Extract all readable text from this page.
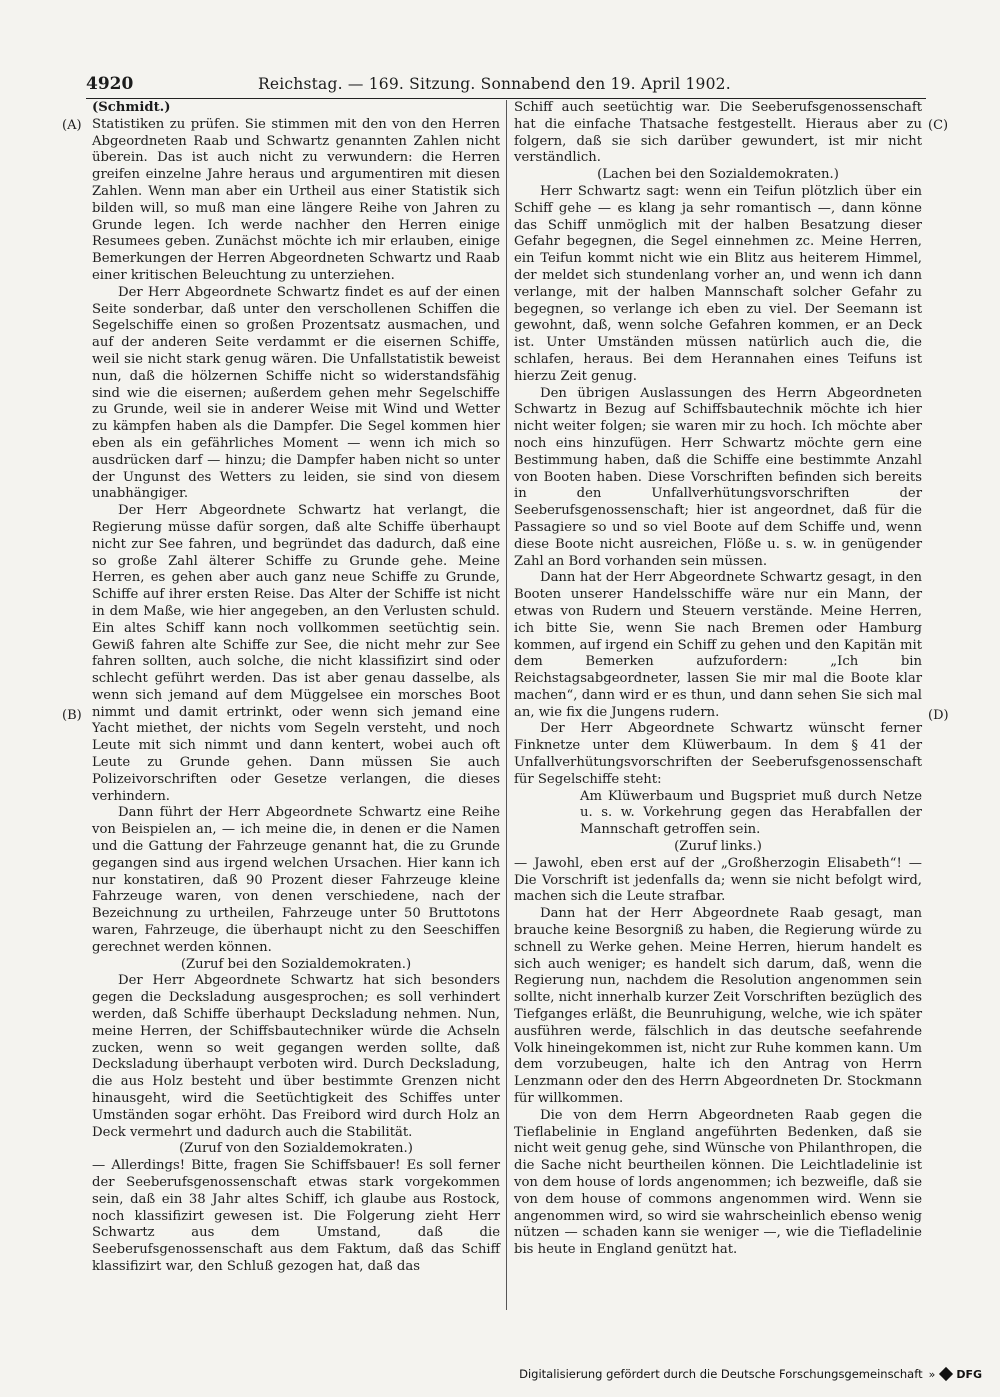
4920	Reichstag. — 169. Sitzung. Sonnabend den 19. April 1902.
(A)
(B)
(C)
(D)

(Schmidt.)

Statistiken zu prüfen. Sie stimmen mit den von den Herren Abgeordneten Raab und Schwartz genannten Zahlen nicht überein. Das ist auch nicht zu verwundern: die Herren greifen einzelne Jahre heraus und argumentiren mit diesen Zahlen. Wenn man aber ein Urtheil aus einer Statistik sich bilden will, so muß man eine längere Reihe von Jahren zu Grunde legen. Ich werde nachher den Herren einige Resumees geben. Zunächst möchte ich mir erlauben, einige Bemerkungen der Herren Abgeordneten Schwartz und Raab einer kritischen Beleuchtung zu unterziehen.

Der Herr Abgeordnete Schwartz findet es auf der einen Seite sonderbar, daß unter den verschollenen Schiffen die Segelschiffe einen so großen Prozentsatz ausmachen, und auf der anderen Seite verdammt er die eisernen Schiffe, weil sie nicht stark genug wären. Die Unfallstatistik beweist nun, daß die hölzernen Schiffe nicht so widerstandsfähig sind wie die eisernen; außerdem gehen mehr Segelschiffe zu Grunde, weil sie in anderer Weise mit Wind und Wetter zu kämpfen haben als die Dampfer. Die Segel kommen hier eben als ein gefährliches Moment — wenn ich mich so ausdrücken darf — hinzu; die Dampfer haben nicht so unter der Ungunst des Wetters zu leiden, sie sind von diesem unabhängiger.

Der Herr Abgeordnete Schwartz hat verlangt, die Regierung müsse dafür sorgen, daß alte Schiffe überhaupt nicht zur See fahren, und begründet das dadurch, daß eine so große Zahl älterer Schiffe zu Grunde gehe. Meine Herren, es gehen aber auch ganz neue Schiffe zu Grunde, Schiffe auf ihrer ersten Reise. Das Alter der Schiffe ist nicht in dem Maße, wie hier angegeben, an den Verlusten schuld. Ein altes Schiff kann noch vollkommen seetüchtig sein. Gewiß fahren alte Schiffe zur See, die nicht mehr zur See fahren sollten, auch solche, die nicht klassifizirt sind oder schlecht geführt werden. Das ist aber genau dasselbe, als wenn sich jemand auf dem Müggelsee ein morsches Boot nimmt und damit ertrinkt, oder wenn sich jemand eine Yacht miethet, der nichts vom Segeln versteht, und noch Leute mit sich nimmt und dann kentert, wobei auch oft Leute zu Grunde gehen. Dann müssen Sie auch Polizeivorschriften oder Gesetze verlangen, die dieses verhindern.

Dann führt der Herr Abgeordnete Schwartz eine Reihe von Beispielen an, — ich meine die, in denen er die Namen und die Gattung der Fahrzeuge genannt hat, die zu Grunde gegangen sind aus irgend welchen Ursachen. Hier kann ich nur konstatiren, daß 90 Prozent dieser Fahrzeuge kleine Fahrzeuge waren, von denen verschiedene, nach der Bezeichnung zu urtheilen, Fahrzeuge unter 50 Bruttotons waren, Fahrzeuge, die überhaupt nicht zu den Seeschiffen gerechnet werden können.

(Zuruf bei den Sozialdemokraten.)

Der Herr Abgeordnete Schwartz hat sich besonders gegen die Decksladung ausgesprochen; es soll verhindert werden, daß Schiffe überhaupt Decksladung nehmen. Nun, meine Herren, der Schiffsbautechniker würde die Achseln zucken, wenn so weit gegangen werden sollte, daß Decksladung überhaupt verboten wird. Durch Decksladung, die aus Holz besteht und über bestimmte Grenzen nicht hinausgeht, wird die Seetüchtigkeit des Schiffes unter Umständen sogar erhöht. Das Freibord wird durch Holz an Deck vermehrt und dadurch auch die Stabilität.

(Zuruf von den Sozialdemokraten.)

— Allerdings! Bitte, fragen Sie Schiffsbauer! Es soll ferner der Seeberufsgenossenschaft etwas stark vorgekommen sein, daß ein 38 Jahr altes Schiff, ich glaube aus Rostock, noch klassifizirt gewesen ist. Die Folgerung zieht Herr Schwartz aus dem Umstand, daß die Seeberufsgenossenschaft aus dem Faktum, daß das Schiff klassifizirt war, den Schluß gezogen hat, daß das

Schiff auch seetüchtig war. Die Seeberufsgenossenschaft hat die einfache Thatsache festgestellt. Hieraus aber zu folgern, daß sie sich darüber gewundert, ist mir nicht verständlich.

(Lachen bei den Sozialdemokraten.)

Herr Schwartz sagt: wenn ein Teifun plötzlich über ein Schiff gehe — es klang ja sehr romantisch —, dann könne das Schiff unmöglich mit der halben Besatzung dieser Gefahr begegnen, die Segel einnehmen zc. Meine Herren, ein Teifun kommt nicht wie ein Blitz aus heiterem Himmel, der meldet sich stundenlang vorher an, und wenn ich dann verlange, mit der halben Mannschaft solcher Gefahr zu begegnen, so verlange ich eben zu viel. Der Seemann ist gewohnt, daß, wenn solche Gefahren kommen, er an Deck ist. Unter Umständen müssen natürlich auch die, die schlafen, heraus. Bei dem Herannahen eines Teifuns ist hierzu Zeit genug.

Den übrigen Auslassungen des Herrn Abgeordneten Schwartz in Bezug auf Schiffsbautechnik möchte ich hier nicht weiter folgen; sie waren mir zu hoch. Ich möchte aber noch eins hinzufügen. Herr Schwartz möchte gern eine Bestimmung haben, daß die Schiffe eine bestimmte Anzahl von Booten haben. Diese Vorschriften befinden sich bereits in den Unfallverhütungsvorschriften der Seeberufsgenossenschaft; hier ist angeordnet, daß für die Passagiere so und so viel Boote auf dem Schiffe und, wenn diese Boote nicht ausreichen, Flöße u. s. w. in genügender Zahl an Bord vorhanden sein müssen.

Dann hat der Herr Abgeordnete Schwartz gesagt, in den Booten unserer Handelsschiffe wäre nur ein Mann, der etwas von Rudern und Steuern verstände. Meine Herren, ich bitte Sie, wenn Sie nach Bremen oder Hamburg kommen, auf irgend ein Schiff zu gehen und den Kapitän mit dem Bemerken aufzufordern: „Ich bin Reichstagsabgeordneter, lassen Sie mir mal die Boote klar machen“, dann wird er es thun, und dann sehen Sie sich mal an, wie fix die Jungens rudern.

Der Herr Abgeordnete Schwartz wünscht ferner Finknetze unter dem Klüwerbaum. In dem § 41 der Unfallverhütungsvorschriften der Seeberufsgenossenschaft für Segelschiffe steht:

Am Klüwerbaum und Bugspriet muß durch Netze u. s. w. Vorkehrung gegen das Herabfallen der Mannschaft getroffen sein.

(Zuruf links.)

— Jawohl, eben erst auf der „Großherzogin Elisabeth“! — Die Vorschrift ist jedenfalls da; wenn sie nicht befolgt wird, machen sich die Leute strafbar.

Dann hat der Herr Abgeordnete Raab gesagt, man brauche keine Besorgniß zu haben, die Regierung würde zu schnell zu Werke gehen. Meine Herren, hierum handelt es sich auch weniger; es handelt sich darum, daß, wenn die Regierung nun, nachdem die Resolution angenommen sein sollte, nicht innerhalb kurzer Zeit Vorschriften bezüglich des Tiefganges erläßt, die Beunruhigung, welche, wie ich später ausführen werde, fälschlich in das deutsche seefahrende Volk hineingekommen ist, nicht zur Ruhe kommen kann. Um dem vorzubeugen, halte ich den Antrag von Herrn Lenzmann oder den des Herrn Abgeordneten Dr. Stockmann für willkommen.

Die von dem Herrn Abgeordneten Raab gegen die Tieflabelinie in England angeführten Bedenken, daß sie nicht weit genug gehe, sind Wünsche von Philanthropen, die die Sache nicht beurtheilen können. Die Leichtladelinie ist von dem house of lords angenommen; ich bezweifle, daß sie von dem house of commons angenommen wird. Wenn sie angenommen wird, so wird sie wahrscheinlich ebenso wenig nützen — schaden kann sie weniger —, wie die Tiefladelinie bis heute in England genützt hat.

Digitalisierung gefördert durch die Deutsche Forschungsgemeinschaft » DFG
